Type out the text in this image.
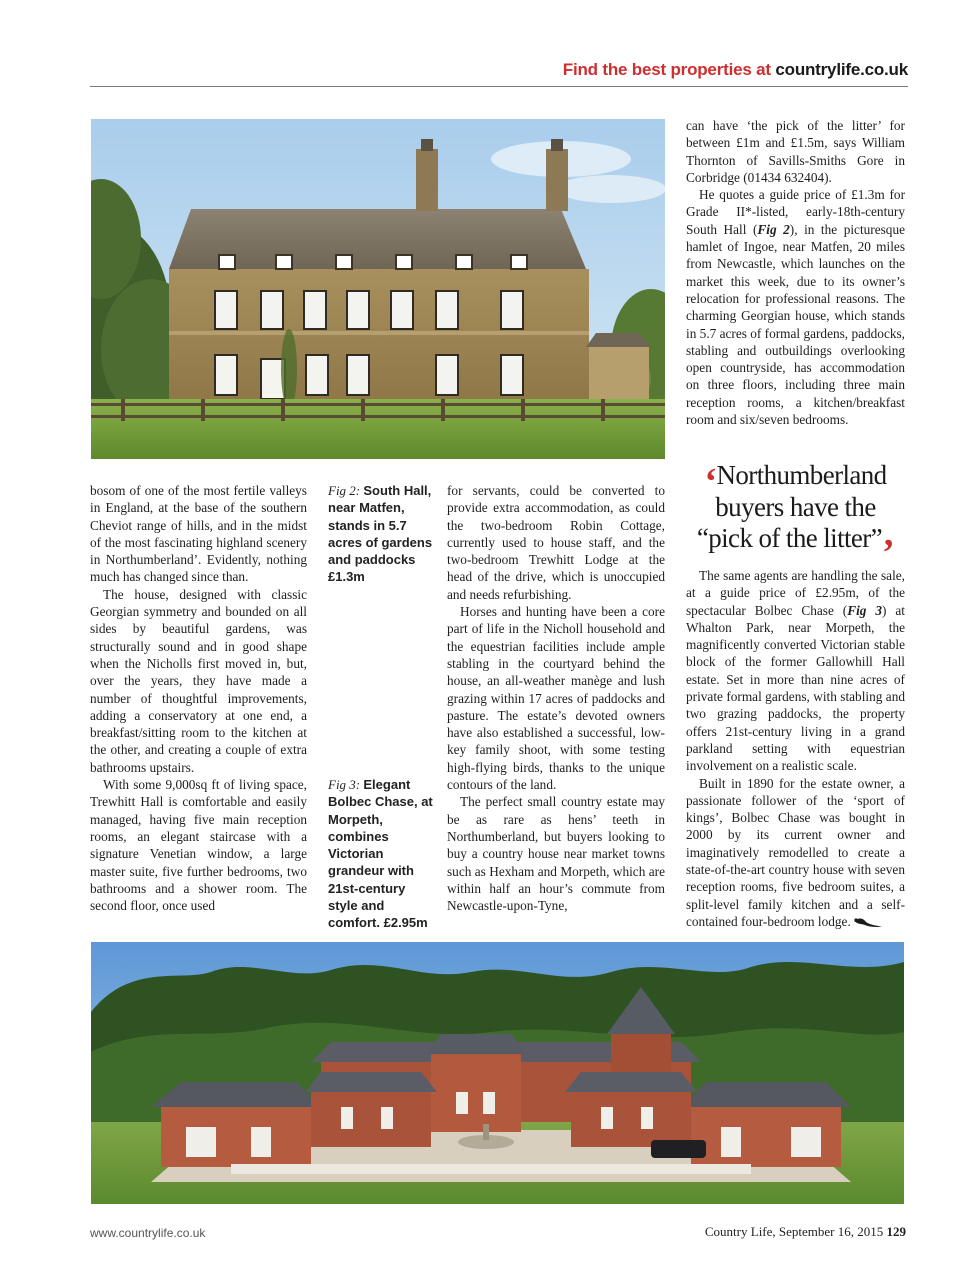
Find the best properties at countrylife.co.uk

can have ‘the pick of the litter’ for between £1m and £1.5m, says William Thornton of Savills-Smiths Gore in Corbridge (01434 632404).

He quotes a guide price of £1.3m for Grade II*-listed, early-18th-century South Hall (Fig 2), in the picturesque hamlet of Ingoe, near Matfen, 20 miles from Newcastle, which launches on the market this week, due to its owner’s relocation for professional reasons. The charming Georgian house, which stands in 5.7 acres of formal gardens, paddocks, stabling and outbuildings overlooking open countryside, has accommodation on three floors, including three main reception rooms, a kitchen/breakfast room and six/seven bedrooms.

‘Northumberland
buyers have the
“pick of the litter”’

bosom of one of the most fertile valleys in England, at the base of the southern Cheviot range of hills, and in the midst of the most fascinating highland scenery in Northumberland’. Evidently, nothing much has changed since than.

The house, designed with classic Georgian symmetry and bounded on all sides by beautiful gardens, was structurally sound and in good shape when the Nicholls first moved in, but, over the years, they have made a number of thoughtful improvements, adding a conservatory at one end, a breakfast/sitting room to the kitchen at the other, and creating a couple of extra bathrooms upstairs.

With some 9,000sq ft of living space, Trewhitt Hall is comfortable and easily managed, having five main reception rooms, an elegant staircase with a signature Venetian window, a large master suite, five further bedrooms, two bathrooms and a shower room. The second floor, once used

Fig 2: South Hall, near Matfen, stands in 5.7 acres of gardens and paddocks £1.3m
Fig 3: Elegant Bolbec Chase, at Morpeth, combines Victorian grandeur with 21st-century style and comfort. £2.95m

for servants, could be converted to provide extra accommodation, as could the two-bedroom Robin Cottage, currently used to house staff, and the two-bedroom Trewhitt Lodge at the head of the drive, which is unoccupied and needs refurbishing.

Horses and hunting have been a core part of life in the Nicholl household and the equestrian facilities include ample stabling in the courtyard behind the house, an all-weather manège and lush grazing within 17 acres of paddocks and pasture. The estate’s devoted owners have also established a successful, low-key family shoot, with some testing high-flying birds, thanks to the unique contours of the land.

The perfect small country estate may be as rare as hens’ teeth in Northumberland, but buyers looking to buy a country house near market towns such as Hexham and Morpeth, which are within half an hour’s commute from Newcastle-upon-Tyne,

The same agents are handling the sale, at a guide price of £2.95m, of the spectacular Bolbec Chase (Fig 3) at Whalton Park, near Morpeth, the magnificently converted Victorian stable block of the former Gallowhill Hall estate. Set in more than nine acres of private formal gardens, with stabling and two grazing paddocks, the property offers 21st-century living in a grand parkland setting with equestrian involvement on a realistic scale.

Built in 1890 for the estate owner, a passionate follower of the ‘sport of kings’, Bolbec Chase was bought in 2000 by its current owner and imaginatively remodelled to create a state-of-the-art country house with seven reception rooms, five bedroom suites, a split-level family kitchen and a self-contained four-bedroom lodge.

www.countrylife.co.uk	Country Life, September 16, 2015 129
